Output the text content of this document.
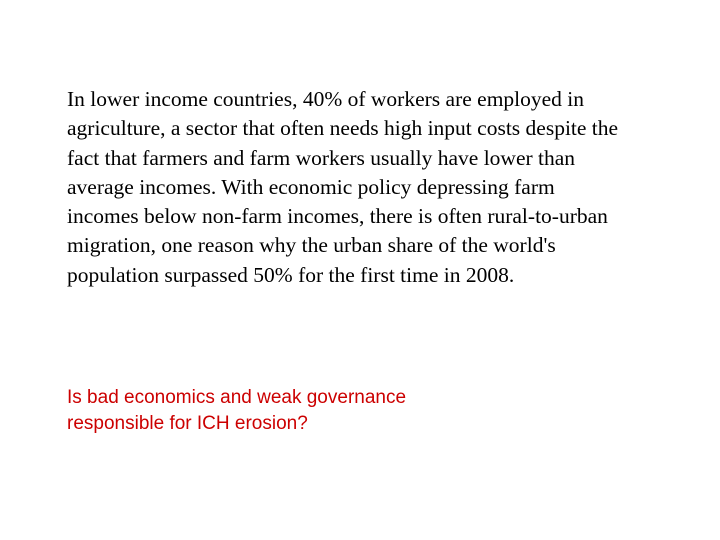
In lower income countries, 40% of workers are employed in agriculture, a sector that often needs high input costs despite the fact that farmers and farm workers usually have lower than average incomes. With economic policy depressing farm incomes below non-farm incomes, there is often rural-to-urban migration, one reason why the urban share of the world's population surpassed 50% for the first time in 2008.

Is bad economics and weak governance responsible for ICH erosion?
